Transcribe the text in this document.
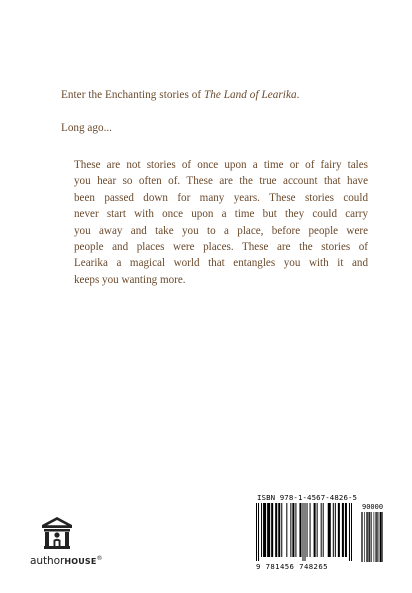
Enter the Enchanting stories of The Land of Learika.
Long ago...

These are not stories of once upon a time or of fairy tales
you hear so often of. These are the true account that have
been passed down for many years. These stories could
never start with once upon a time but they could carry
you away and take you to a place, before people were
people and places were places. These are the stories of
Learika a magical world that entangles you with it and
keeps you wanting more.

ISBN 978-1-4567-4826-5
90000
9 781456 748265
authorHOUSE®
